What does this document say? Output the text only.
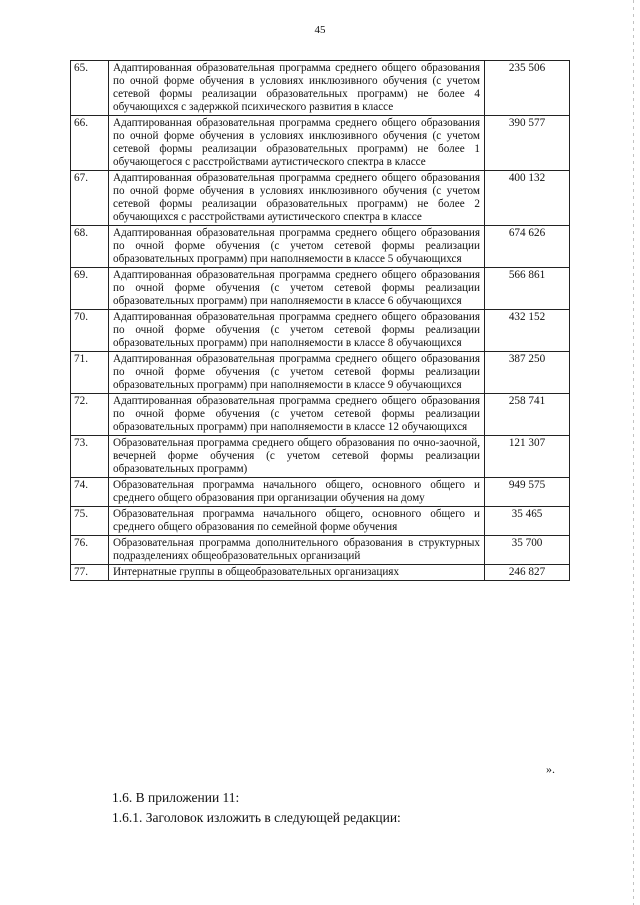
45
65.	Адаптированная образовательная программа среднего общего образования по очной форме обучения в условиях инклюзивного обучения (с учетом сетевой формы реализации образовательных программ) не более 4 обучающихся с задержкой психического развития в классе	235 506
66.	Адаптированная образовательная программа среднего общего образования по очной форме обучения в условиях инклюзивного обучения (с учетом сетевой формы реализации образовательных программ) не более 1 обучающегося с расстройствами аутистического спектра в классе	390 577
67.	Адаптированная образовательная программа среднего общего образования по очной форме обучения в условиях инклюзивного обучения (с учетом сетевой формы реализации образовательных программ) не более 2 обучающихся с расстройствами аутистического спектра в классе	400 132
68.	Адаптированная образовательная программа среднего общего образования по очной форме обучения (с учетом сетевой формы реализации образовательных программ) при наполняемости в классе 5 обучающихся	674 626
69.	Адаптированная образовательная программа среднего общего образования по очной форме обучения (с учетом сетевой формы реализации образовательных программ) при наполняемости в классе 6 обучающихся	566 861
70.	Адаптированная образовательная программа среднего общего образования по очной форме обучения (с учетом сетевой формы реализации образовательных программ) при наполняемости в классе 8 обучающихся	432 152
71.	Адаптированная образовательная программа среднего общего образования по очной форме обучения (с учетом сетевой формы реализации образовательных программ) при наполняемости в классе 9 обучающихся	387 250
72.	Адаптированная образовательная программа среднего общего образования по очной форме обучения (с учетом сетевой формы реализации образовательных программ) при наполняемости в классе 12 обучающихся	258 741
73.	Образовательная программа среднего общего образования по очно-заочной, вечерней форме обучения (с учетом сетевой формы реализации образовательных программ)	121 307
74.	Образовательная программа начального общего, основного общего и среднего общего образования при организации обучения на дому	949 575
75.	Образовательная программа начального общего, основного общего и среднего общего образования по семейной форме обучения	35 465
76.	Образовательная программа дополнительного образования в структурных подразделениях общеобразовательных организаций	35 700
77.	Интернатные группы в общеобразовательных организациях	246 827
».
1.6. В приложении 11:
1.6.1. Заголовок изложить в следующей редакции:
